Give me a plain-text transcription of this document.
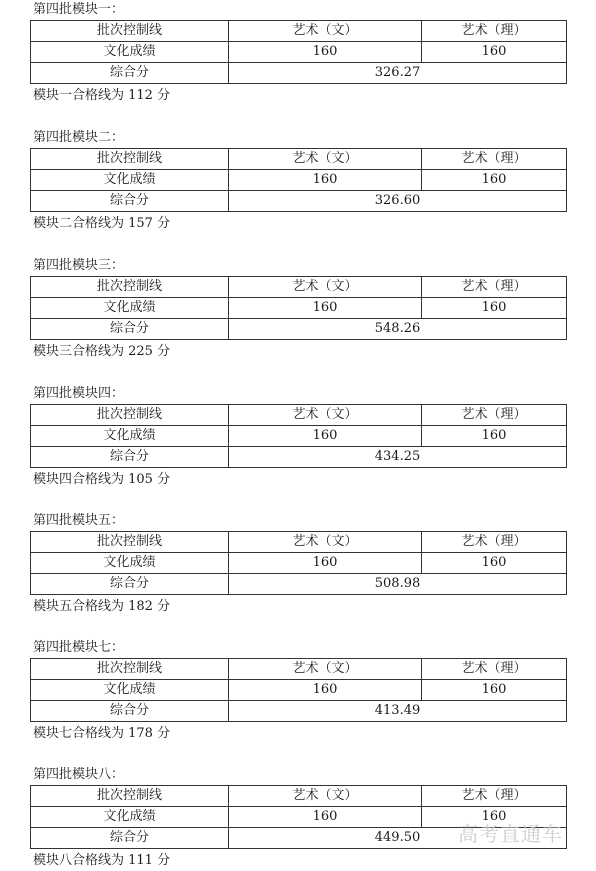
第四批模块一：
批次控制线	艺术（文）	艺术（理）
文化成绩	160	160
综合分	326.27	
模块一合格线为 112 分
第四批模块二：
批次控制线	艺术（文）	艺术（理）
文化成绩	160	160
综合分	326.60	
模块二合格线为 157 分
第四批模块三：
批次控制线	艺术（文）	艺术（理）
文化成绩	160	160
综合分	548.26	
模块三合格线为 225 分
第四批模块四：
批次控制线	艺术（文）	艺术（理）
文化成绩	160	160
综合分	434.25	
模块四合格线为 105 分
第四批模块五：
批次控制线	艺术（文）	艺术（理）
文化成绩	160	160
综合分	508.98	
模块五合格线为 182 分
第四批模块七：
批次控制线	艺术（文）	艺术（理）
文化成绩	160	160
综合分	413.49	
模块七合格线为 178 分
第四批模块八：
批次控制线	艺术（文）	艺术（理）
文化成绩	160	160
综合分	449.50	
模块八合格线为 111 分
高考直通车
